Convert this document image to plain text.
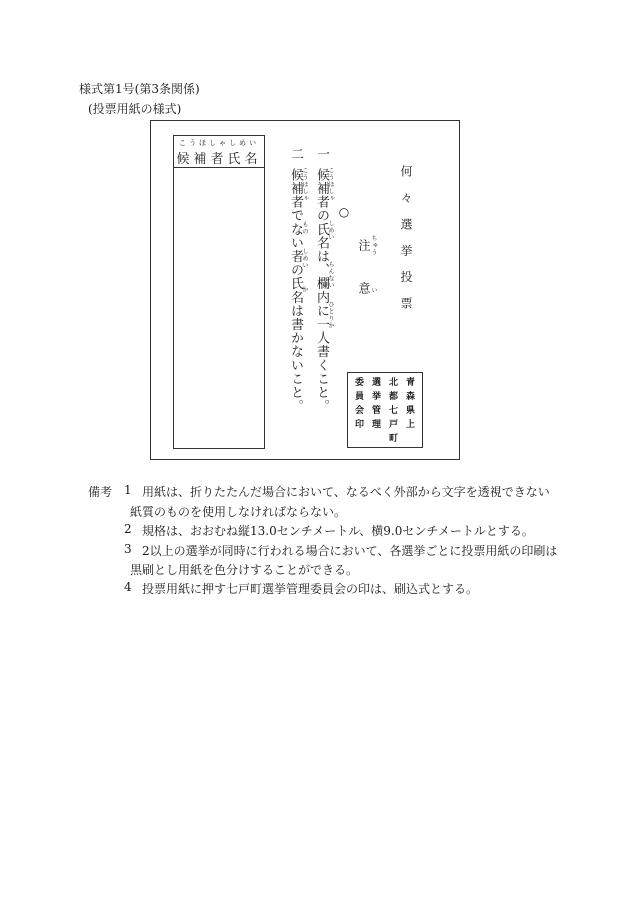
様式第1号(第3条関係)
(投票用紙の様式)
こうほしゃしめい
候補者氏名 二
候補者でない者の氏名は書かないこと。
こうほしゃ
もの
しめい
か
一
候補者の氏名は、欄内に一人書くこと。
こうほしゃ
しめい
らんない
ひとりか
○
注 ちゅう
意 い 何々選挙投票
青森県上
北都七戸町
選挙管理
委員会印
備考 1 用紙は、折りたたんだ場合において、なるべく外部から文字を透視できない
紙質のものを使用しなければならない。
2 規格は、おおむね縦13.0センチメートル、横9.0センチメートルとする。
3 2以上の選挙が同時に行われる場合において、各選挙ごとに投票用紙の印刷は
黒刷とし用紙を色分けすることができる。
4 投票用紙に押す七戸町選挙管理委員会の印は、刷込式とする。
